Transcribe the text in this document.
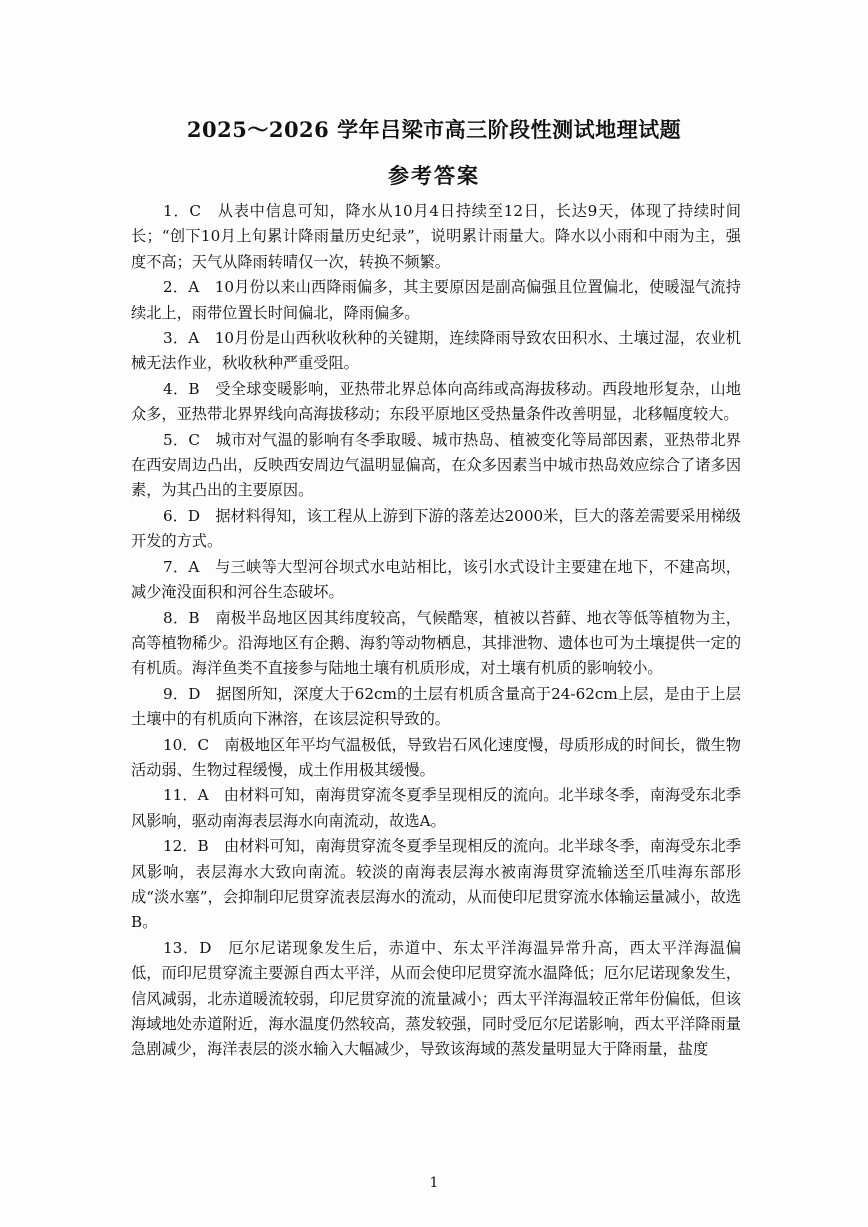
2025～2026 学年吕梁市高三阶段性测试地理试题
参考答案

1．C　从表中信息可知，降水从10月4日持续至12日，长达9天，体现了持续时间长；“创下10月上旬累计降雨量历史纪录”，说明累计雨量大。降水以小雨和中雨为主，强度不高；天气从降雨转晴仅一次，转换不频繁。

2．A　10月份以来山西降雨偏多，其主要原因是副高偏强且位置偏北，使暖湿气流持续北上，雨带位置长时间偏北，降雨偏多。

3．A　10月份是山西秋收秋种的关键期，连续降雨导致农田积水、土壤过湿，农业机械无法作业，秋收秋种严重受阻。

4．B　受全球变暖影响，亚热带北界总体向高纬或高海拔移动。西段地形复杂，山地众多，亚热带北界界线向高海拔移动；东段平原地区受热量条件改善明显，北移幅度较大。

5．C　城市对气温的影响有冬季取暖、城市热岛、植被变化等局部因素，亚热带北界在西安周边凸出，反映西安周边气温明显偏高，在众多因素当中城市热岛效应综合了诸多因素，为其凸出的主要原因。

6．D　据材料得知，该工程从上游到下游的落差达2000米，巨大的落差需要采用梯级开发的方式。

7．A　与三峡等大型河谷坝式水电站相比，该引水式设计主要建在地下，不建高坝，减少淹没面积和河谷生态破坏。

8．B　南极半岛地区因其纬度较高，气候酷寒，植被以苔藓、地衣等低等植物为主，高等植物稀少。沿海地区有企鹅、海豹等动物栖息，其排泄物、遗体也可为土壤提供一定的有机质。海洋鱼类不直接参与陆地土壤有机质形成，对土壤有机质的影响较小。

9．D　据图所知，深度大于62cm的土层有机质含量高于24-62cm上层，是由于上层土壤中的有机质向下淋溶，在该层淀积导致的。

10．C　南极地区年平均气温极低，导致岩石风化速度慢，母质形成的时间长，微生物活动弱、生物过程缓慢，成土作用极其缓慢。

11．A　由材料可知，南海贯穿流冬夏季呈现相反的流向。北半球冬季，南海受东北季风影响，驱动南海表层海水向南流动，故选A。

12．B　由材料可知，南海贯穿流冬夏季呈现相反的流向。北半球冬季，南海受东北季风影响，表层海水大致向南流。较淡的南海表层海水被南海贯穿流输送至爪哇海东部形成“淡水塞”，会抑制印尼贯穿流表层海水的流动，从而使印尼贯穿流水体输运量减小，故选B。

13．D　厄尔尼诺现象发生后，赤道中、东太平洋海温异常升高，西太平洋海温偏低，而印尼贯穿流主要源自西太平洋，从而会使印尼贯穿流水温降低；厄尔尼诺现象发生，信风减弱，北赤道暖流较弱，印尼贯穿流的流量减小；西太平洋海温较正常年份偏低，但该海域地处赤道附近，海水温度仍然较高，蒸发较强，同时受厄尔尼诺影响，西太平洋降雨量急剧减少，海洋表层的淡水输入大幅减少，导致该海域的蒸发量明显大于降雨量，盐度

1
